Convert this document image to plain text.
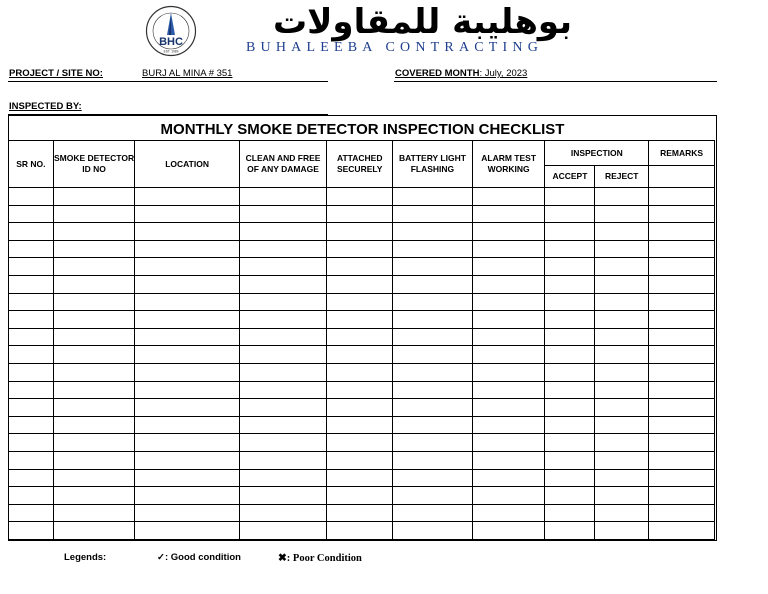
BHC
EST. 1989
بوهليبة للمقاولات
BUHALEEBA CONTRACTING
PROJECT / SITE NO:	BURJ AL MINA # 351	COVERED MONTH: July, 2023
INSPECTED BY:
MONTHLY SMOKE DETECTOR INSPECTION CHECKLIST
SR NO.	SMOKE DETECTOR ID NO	LOCATION	CLEAN AND FREE OF ANY DAMAGE	ATTACHED SECURELY	BATTERY LIGHT FLASHING	ALARM TEST WORKING	INSPECTION		REMARKS
							ACCEPT	REJECT	

Legends:	✓: Good condition	✖: Poor Condition
